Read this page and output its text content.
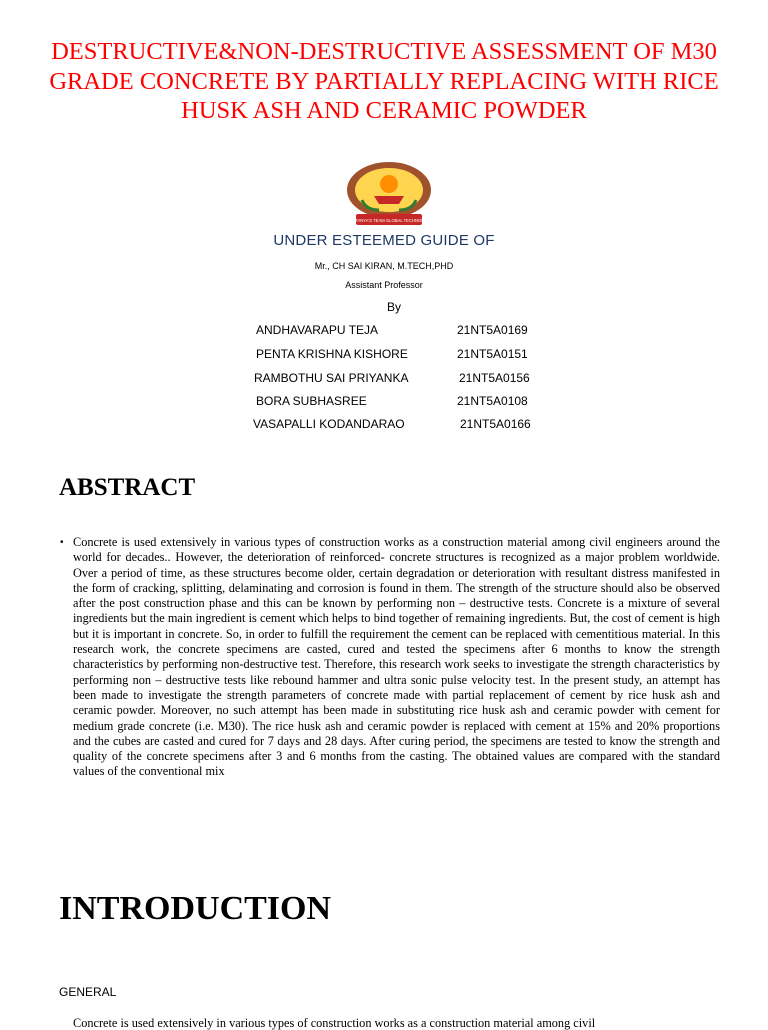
DESTRUCTIVE&NON-DESTRUCTIVE ASSESSMENT OF M30 GRADE CONCRETE BY PARTIALLY REPLACING WITH RICE HUSK ASH AND CERAMIC POWDER
CHAITANYA'S TEAM GLOBAL TECHNOLOGY
UNDER ESTEEMED GUIDE OF
Mr., CH SAI KIRAN, M.TECH,PHD
Assistant Professor
By
ANDHAVARAPU TEJA	21NT5A0169
PENTA KRISHNA KISHORE	21NT5A0151
RAMBOTHU SAI PRIYANKA	21NT5A0156
BORA SUBHASREE	21NT5A0108
VASAPALLI KODANDARAO	21NT5A0166
ABSTRACT
• Concrete is used extensively in various types of construction works as a construction material among civil engineers around the world for decades.. However, the deterioration of reinforced- concrete structures is recognized as a major problem worldwide. Over a period of time, as these structures become older, certain degradation or deterioration with resultant distress manifested in the form of cracking, splitting, delaminating and corrosion is found in them. The strength of the structure should also be observed after the post construction phase and this can be known by performing non – destructive tests. Concrete is a mixture of several ingredients but the main ingredient is cement which helps to bind together of remaining ingredients. But, the cost of cement is high but it is important in concrete. So, in order to fulfill the requirement the cement can be replaced with cementitious material. In this research work, the concrete specimens are casted, cured and tested the specimens after 6 months to know the strength characteristics by performing non-destructive test. Therefore, this research work seeks to investigate the strength characteristics by performing non – destructive tests like rebound hammer and ultra sonic pulse velocity test. In the present study, an attempt has been made to investigate the strength parameters of concrete made with partial replacement of cement by rice husk ash and ceramic powder. Moreover, no such attempt has been made in substituting rice husk ash and ceramic powder with cement for medium grade concrete (i.e. M30). The rice husk ash and ceramic powder is replaced with cement at 15% and 20% proportions and the cubes are casted and cured for 7 days and 28 days. After curing period, the specimens are tested to know the strength and quality of the concrete specimens after 3 and 6 months from the casting. The obtained values are compared with the standard values of the conventional mix

INTRODUCTION
GENERAL
Concrete is used extensively in various types of construction works as a construction material among civil
